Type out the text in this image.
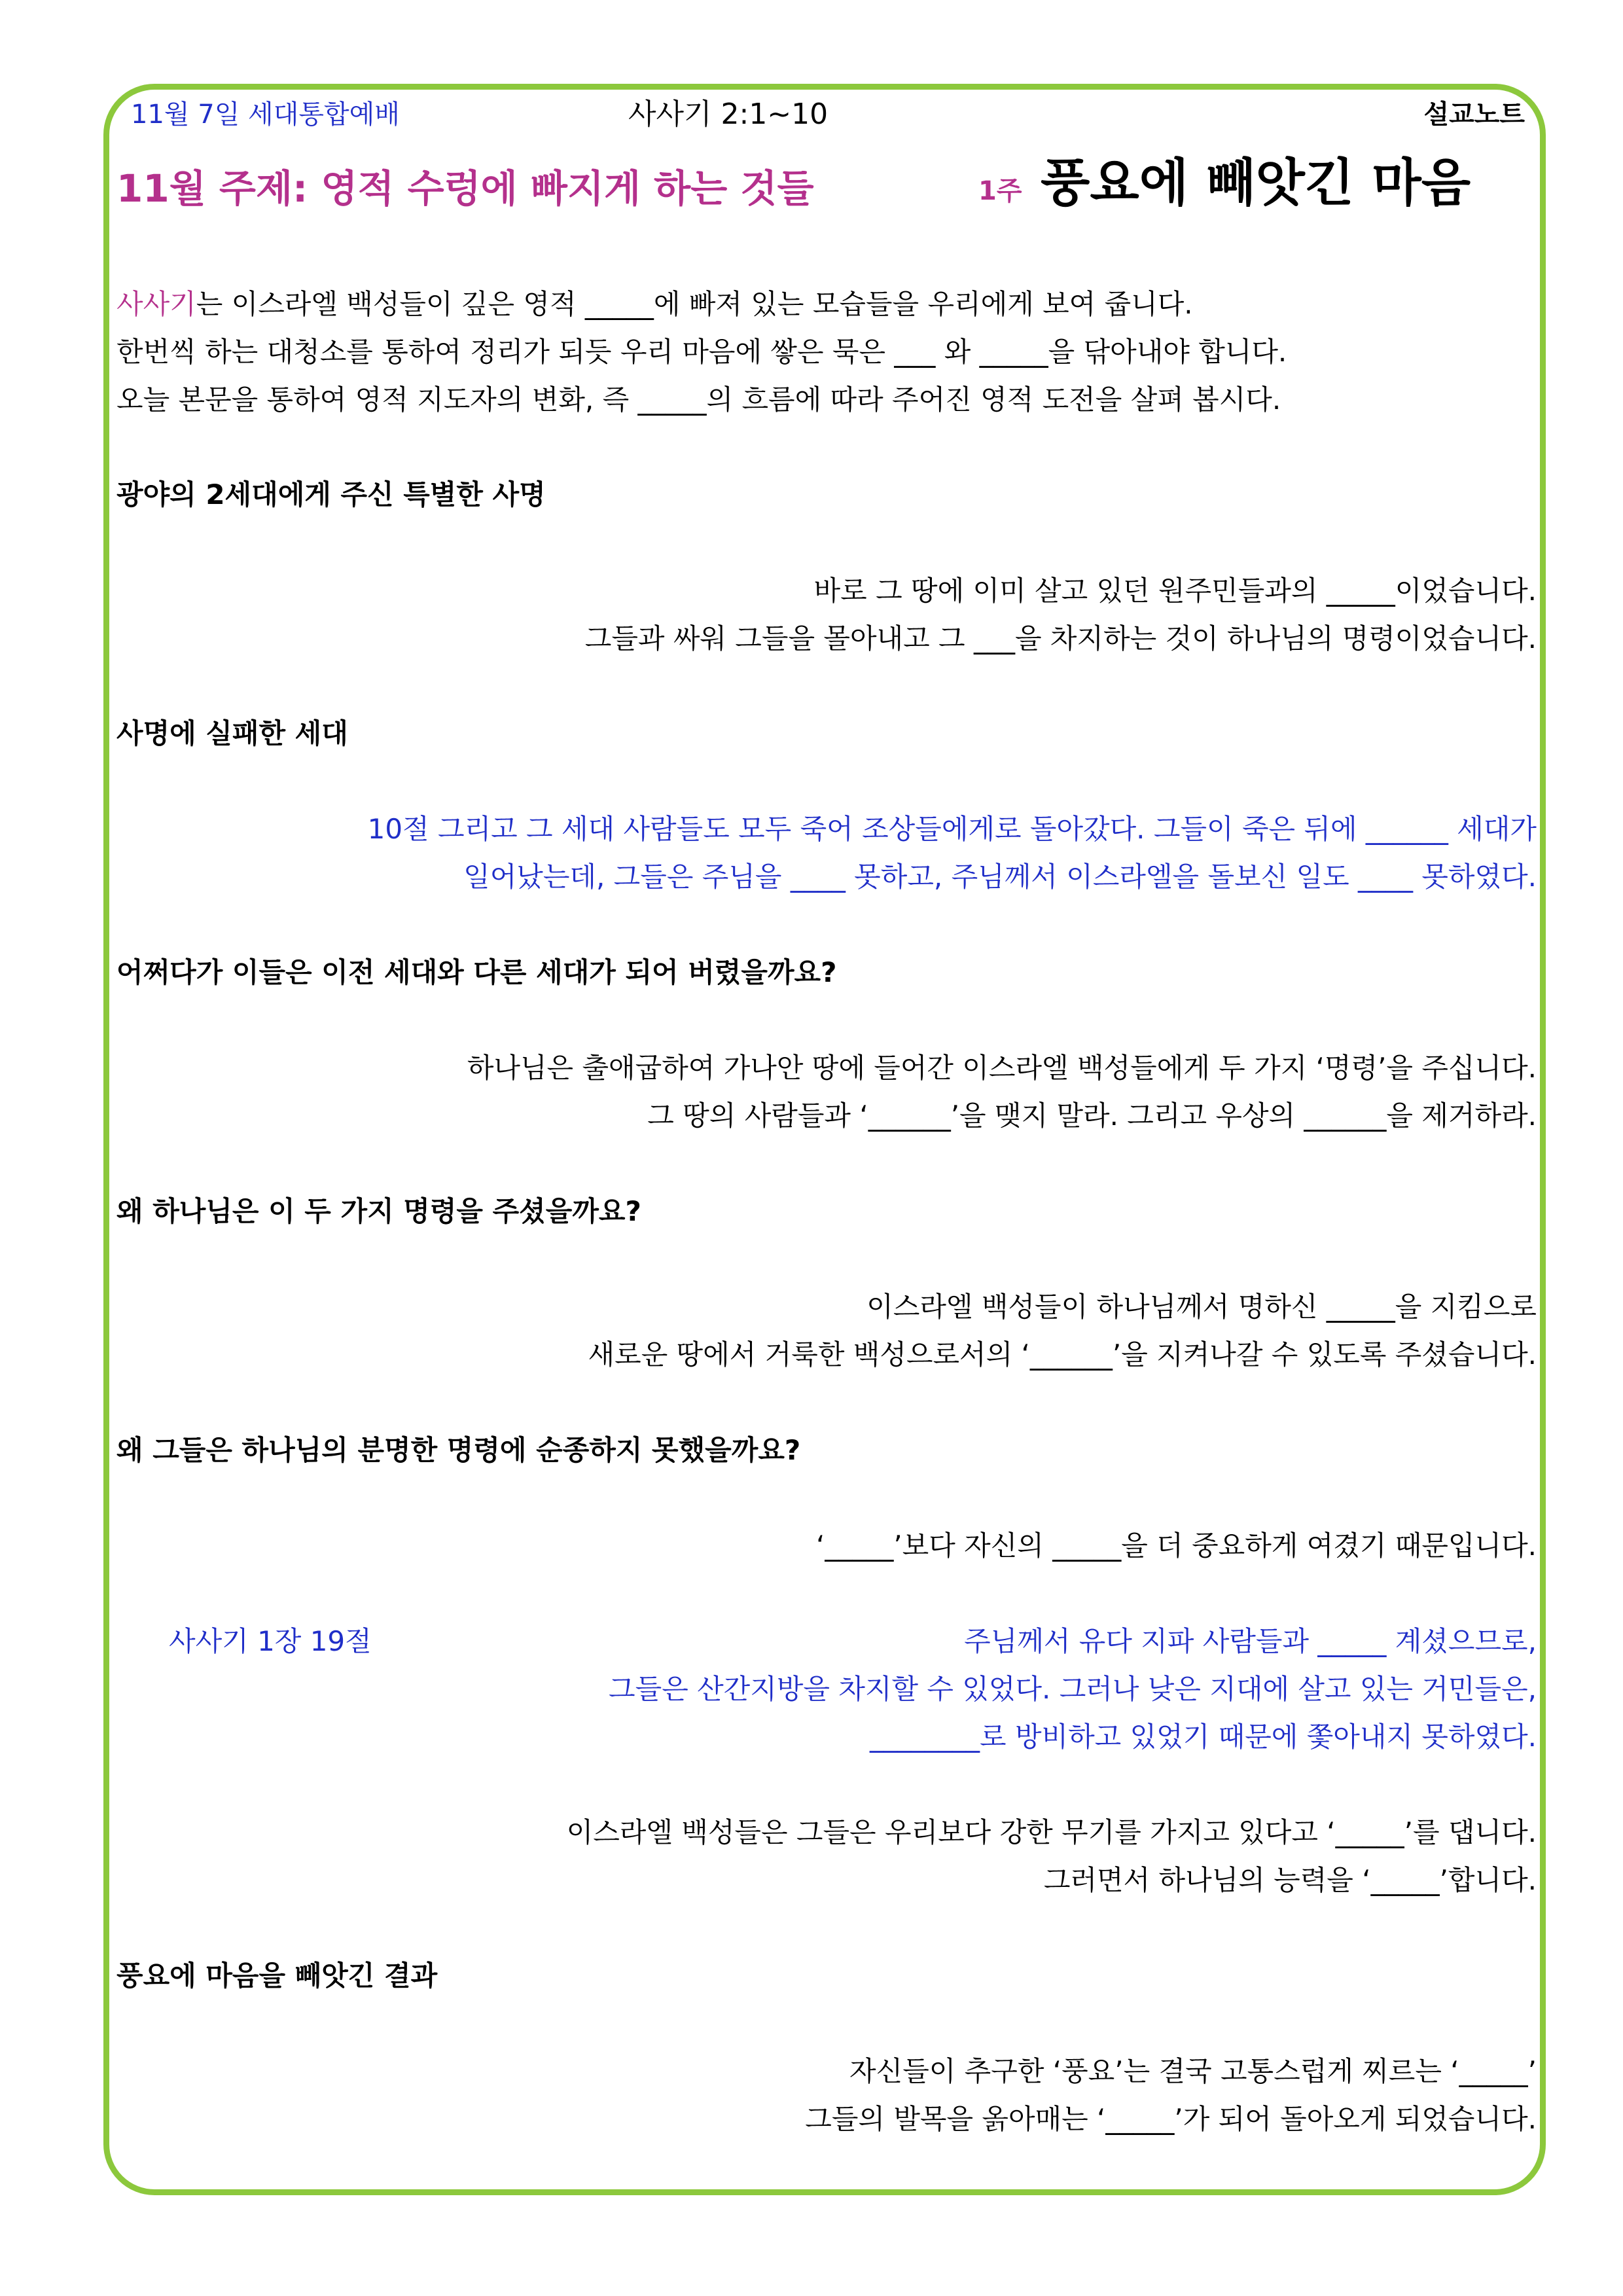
11월 7일 세대통합예배	사사기 2:1~10	설교노트
11월 주제: 영적 수렁에 빠지게 하는 것들	1주 풍요에 빼앗긴 마음
사사기는 이스라엘 백성들이 깊은 영적 _____에 빠져 있는 모습들을 우리에게 보여 줍니다.
한번씩 하는 대청소를 통하여 정리가 되듯 우리 마음에 쌓은 묵은 ___ 와 _____을 닦아내야 합니다.
오늘 본문을 통하여 영적 지도자의 변화, 즉 _____의 흐름에 따라 주어진 영적 도전을 살펴 봅시다.
광야의 2세대에게 주신 특별한 사명
바로 그 땅에 이미 살고 있던 원주민들과의 _____이었습니다.
그들과 싸워 그들을 몰아내고 그 ___을 차지하는 것이 하나님의 명령이었습니다.
사명에 실패한 세대
10절 그리고 그 세대 사람들도 모두 죽어 조상들에게로 돌아갔다. 그들이 죽은 뒤에 ______ 세대가
일어났는데, 그들은 주님을 ____ 못하고, 주님께서 이스라엘을 돌보신 일도 ____ 못하였다.
어쩌다가 이들은 이전 세대와 다른 세대가 되어 버렸을까요?
하나님은 출애굽하여 가나안 땅에 들어간 이스라엘 백성들에게 두 가지 ‘명령’을 주십니다.
그 땅의 사람들과 ‘______’을 맺지 말라. 그리고 우상의 ______을 제거하라.
왜 하나님은 이 두 가지 명령을 주셨을까요?
이스라엘 백성들이 하나님께서 명하신 _____을 지킴으로
새로운 땅에서 거룩한 백성으로서의 ‘______’을 지켜나갈 수 있도록 주셨습니다.
왜 그들은 하나님의 분명한 명령에 순종하지 못했을까요?
‘_____’보다 자신의 _____을 더 중요하게 여겼기 때문입니다.
사사기 1장 19절	주님께서 유다 지파 사람들과 _____ 계셨으므로,
그들은 산간지방을 차지할 수 있었다. 그러나 낮은 지대에 살고 있는 거민들은,
________로 방비하고 있었기 때문에 쫓아내지 못하였다.
이스라엘 백성들은 그들은 우리보다 강한 무기를 가지고 있다고 ‘_____’를 댑니다.
그러면서 하나님의 능력을 ‘_____’합니다.
풍요에 마음을 빼앗긴 결과
자신들이 추구한 ‘풍요’는 결국 고통스럽게 찌르는 ‘_____’
그들의 발목을 옭아매는 ‘_____’가 되어 돌아오게 되었습니다.
